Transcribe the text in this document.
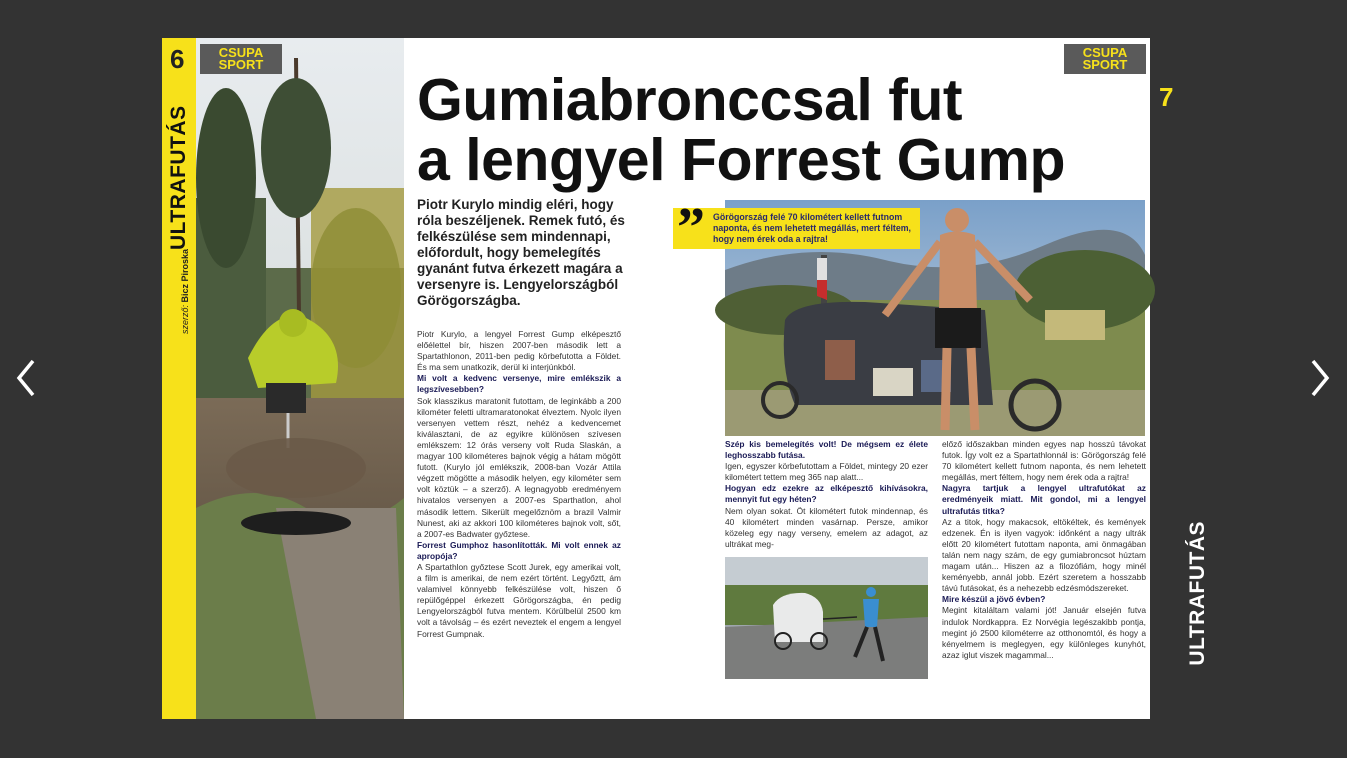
6
ULTRAFUTÁS
szerző: Bicz Piroska
CSUPA
SPORT
CSUPA
SPORT
Gumiabronccsal fut
a lengyel Forrest Gump
Piotr Kurylo mindig eléri, hogy róla beszéljenek. Remek futó, és felkészülése sem mindennapi, előfordult, hogy bemelegítés gyanánt futva érkezett magára a versenyre is. Lengyelországból Görögországba.
Piotr Kurylo, a lengyel Forrest Gump elképesztő előélettel bír, hiszen 2007-ben második lett a Spartathlonon, 2011-ben pedig körbefutotta a Földet. És ma sem unatkozik, derül ki interjúnkból.
Mi volt a kedvenc versenye, mire emlékszik a legszívesebben?
Sok klasszikus maratonit futottam, de leginkább a 200 kilométer feletti ultramaratonokat élveztem. Nyolc ilyen versenyen vettem részt, nehéz a kedvencemet kiválasztani, de az egyikre különösen szívesen emlékszem: 12 órás verseny volt Ruda Slaskán, a magyar 100 kilométeres bajnok végig a hátam mögött futott. (Kurylo jól emlékszik, 2008-ban Vozár Attila végzett mögötte a második helyen, egy kilométer sem volt köztük – a szerző). A legnagyobb eredményem hivatalos versenyen a 2007-es Sparthatlon, ahol második lettem. Sikerült megelőznöm a brazil Valmir Nunest, aki az akkori 100 kilométeres bajnok volt, sőt, a 2007-es Badwater győztese.
Forrest Gumphoz hasonlították. Mi volt ennek az apropója?
A Spartathlon győztese Scott Jurek, egy amerikai volt, a film is amerikai, de nem ezért történt. Legyőztt, ám valamivel könnyebb felkészülése volt, hiszen ő repülőgéppel érkezett Görögországba, én pedig Lengyelországból futva mentem. Körülbelül 2500 km volt a távolság – és ezért neveztek el engem a lengyel Forrest Gumpnak.
” Görögország felé 70 kilométert kellett futnom naponta, és nem lehetett megállás, mert féltem, hogy nem érek oda a rajtra!
Szép kis bemelegítés volt! De mégsem ez élete leghosszabb futása.
Igen, egyszer körbefutottam a Földet, mintegy 20 ezer kilométert tettem meg 365 nap alatt...
Hogyan edz ezekre az elképesztő kihívásokra, mennyit fut egy héten?
Nem olyan sokat. Öt kilométert futok mindennap, és 40 kilométert minden vasárnap. Persze, amikor közeleg egy nagy verseny, emelem az adagot, az ultrákat meg-
előző időszakban minden egyes nap hosszú távokat futok. Így volt ez a Spartathlonnál is: Görögország felé 70 kilométert kellett futnom naponta, és nem lehetett megállás, mert féltem, hogy nem érek oda a rajtra!
Nagyra tartjuk a lengyel ultrafutókat az eredményeik miatt. Mit gondol, mi a lengyel ultrafutás titka?
Az a titok, hogy makacsok, eltökéltek, és kemények edzenek. Én is ilyen vagyok: időnként a nagy ultrák előtt 20 kilométert futottam naponta, ami önmagában talán nem nagy szám, de egy gumiabroncsot húztam magam után... Hiszen az a filozófiám, hogy minél keményebb, annál jobb. Ezért szeretem a hosszabb távú futásokat, és a nehezebb edzésmódszereket.
Mire készül a jövő évben?
Megint kitaláltam valami jót! Január elsején futva indulok Nordkappra. Ez Norvégia legészakibb pontja, megint jó 2500 kilométerre az otthonomtól, és hogy a kényelmem is meglegyen, egy különleges kunyhót, azaz iglut viszek magammal...
7
ULTRAFUTÁS
